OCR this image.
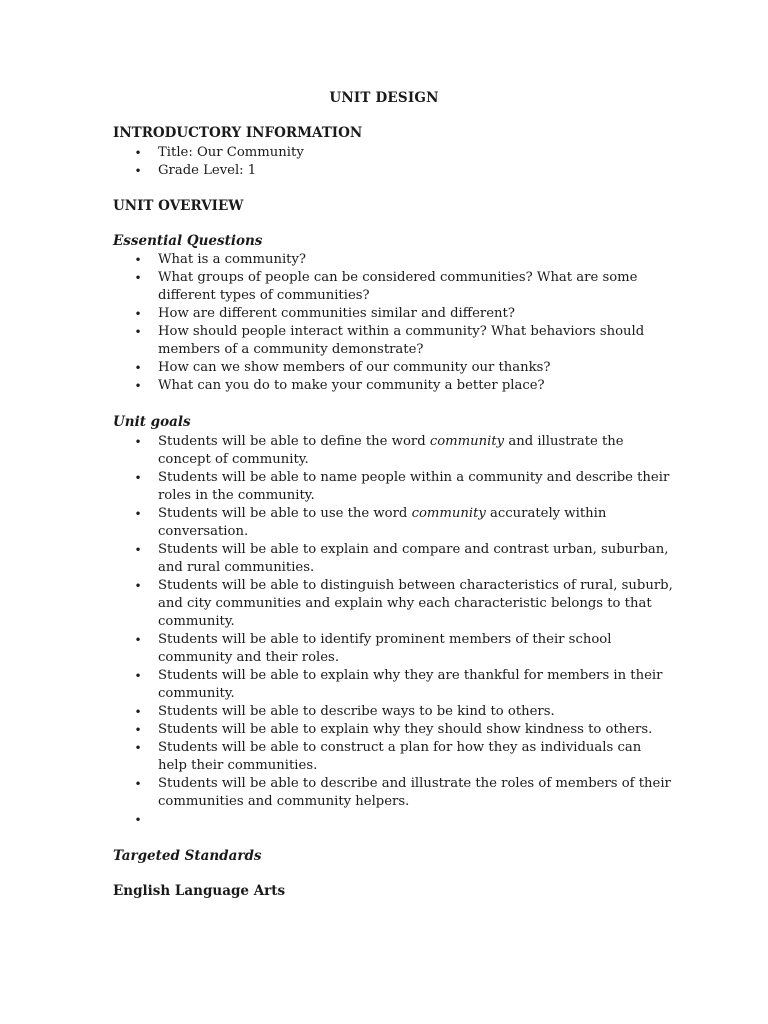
UNIT DESIGN
INTRODUCTORY INFORMATION
• Title: Our Community
• Grade Level: 1
UNIT OVERVIEW
Essential Questions
• What is a community?
• What groups of people can be considered communities? What are some different types of communities?
• How are different communities similar and different?
• How should people interact within a community? What behaviors should members of a community demonstrate?
• How can we show members of our community our thanks?
• What can you do to make your community a better place?
Unit goals
• Students will be able to define the word community and illustrate the concept of community.
• Students will be able to name people within a community and describe their roles in the community.
• Students will be able to use the word community accurately within conversation.
• Students will be able to explain and compare and contrast urban, suburban, and rural communities.
• Students will be able to distinguish between characteristics of rural, suburb, and city communities and explain why each characteristic belongs to that community.
• Students will be able to identify prominent members of their school community and their roles.
• Students will be able to explain why they are thankful for members in their community.
• Students will be able to describe ways to be kind to others.
• Students will be able to explain why they should show kindness to others.
• Students will be able to construct a plan for how they as individuals can help their communities.
• Students will be able to describe and illustrate the roles of members of their communities and community helpers.
•

Targeted Standards
English Language Arts
